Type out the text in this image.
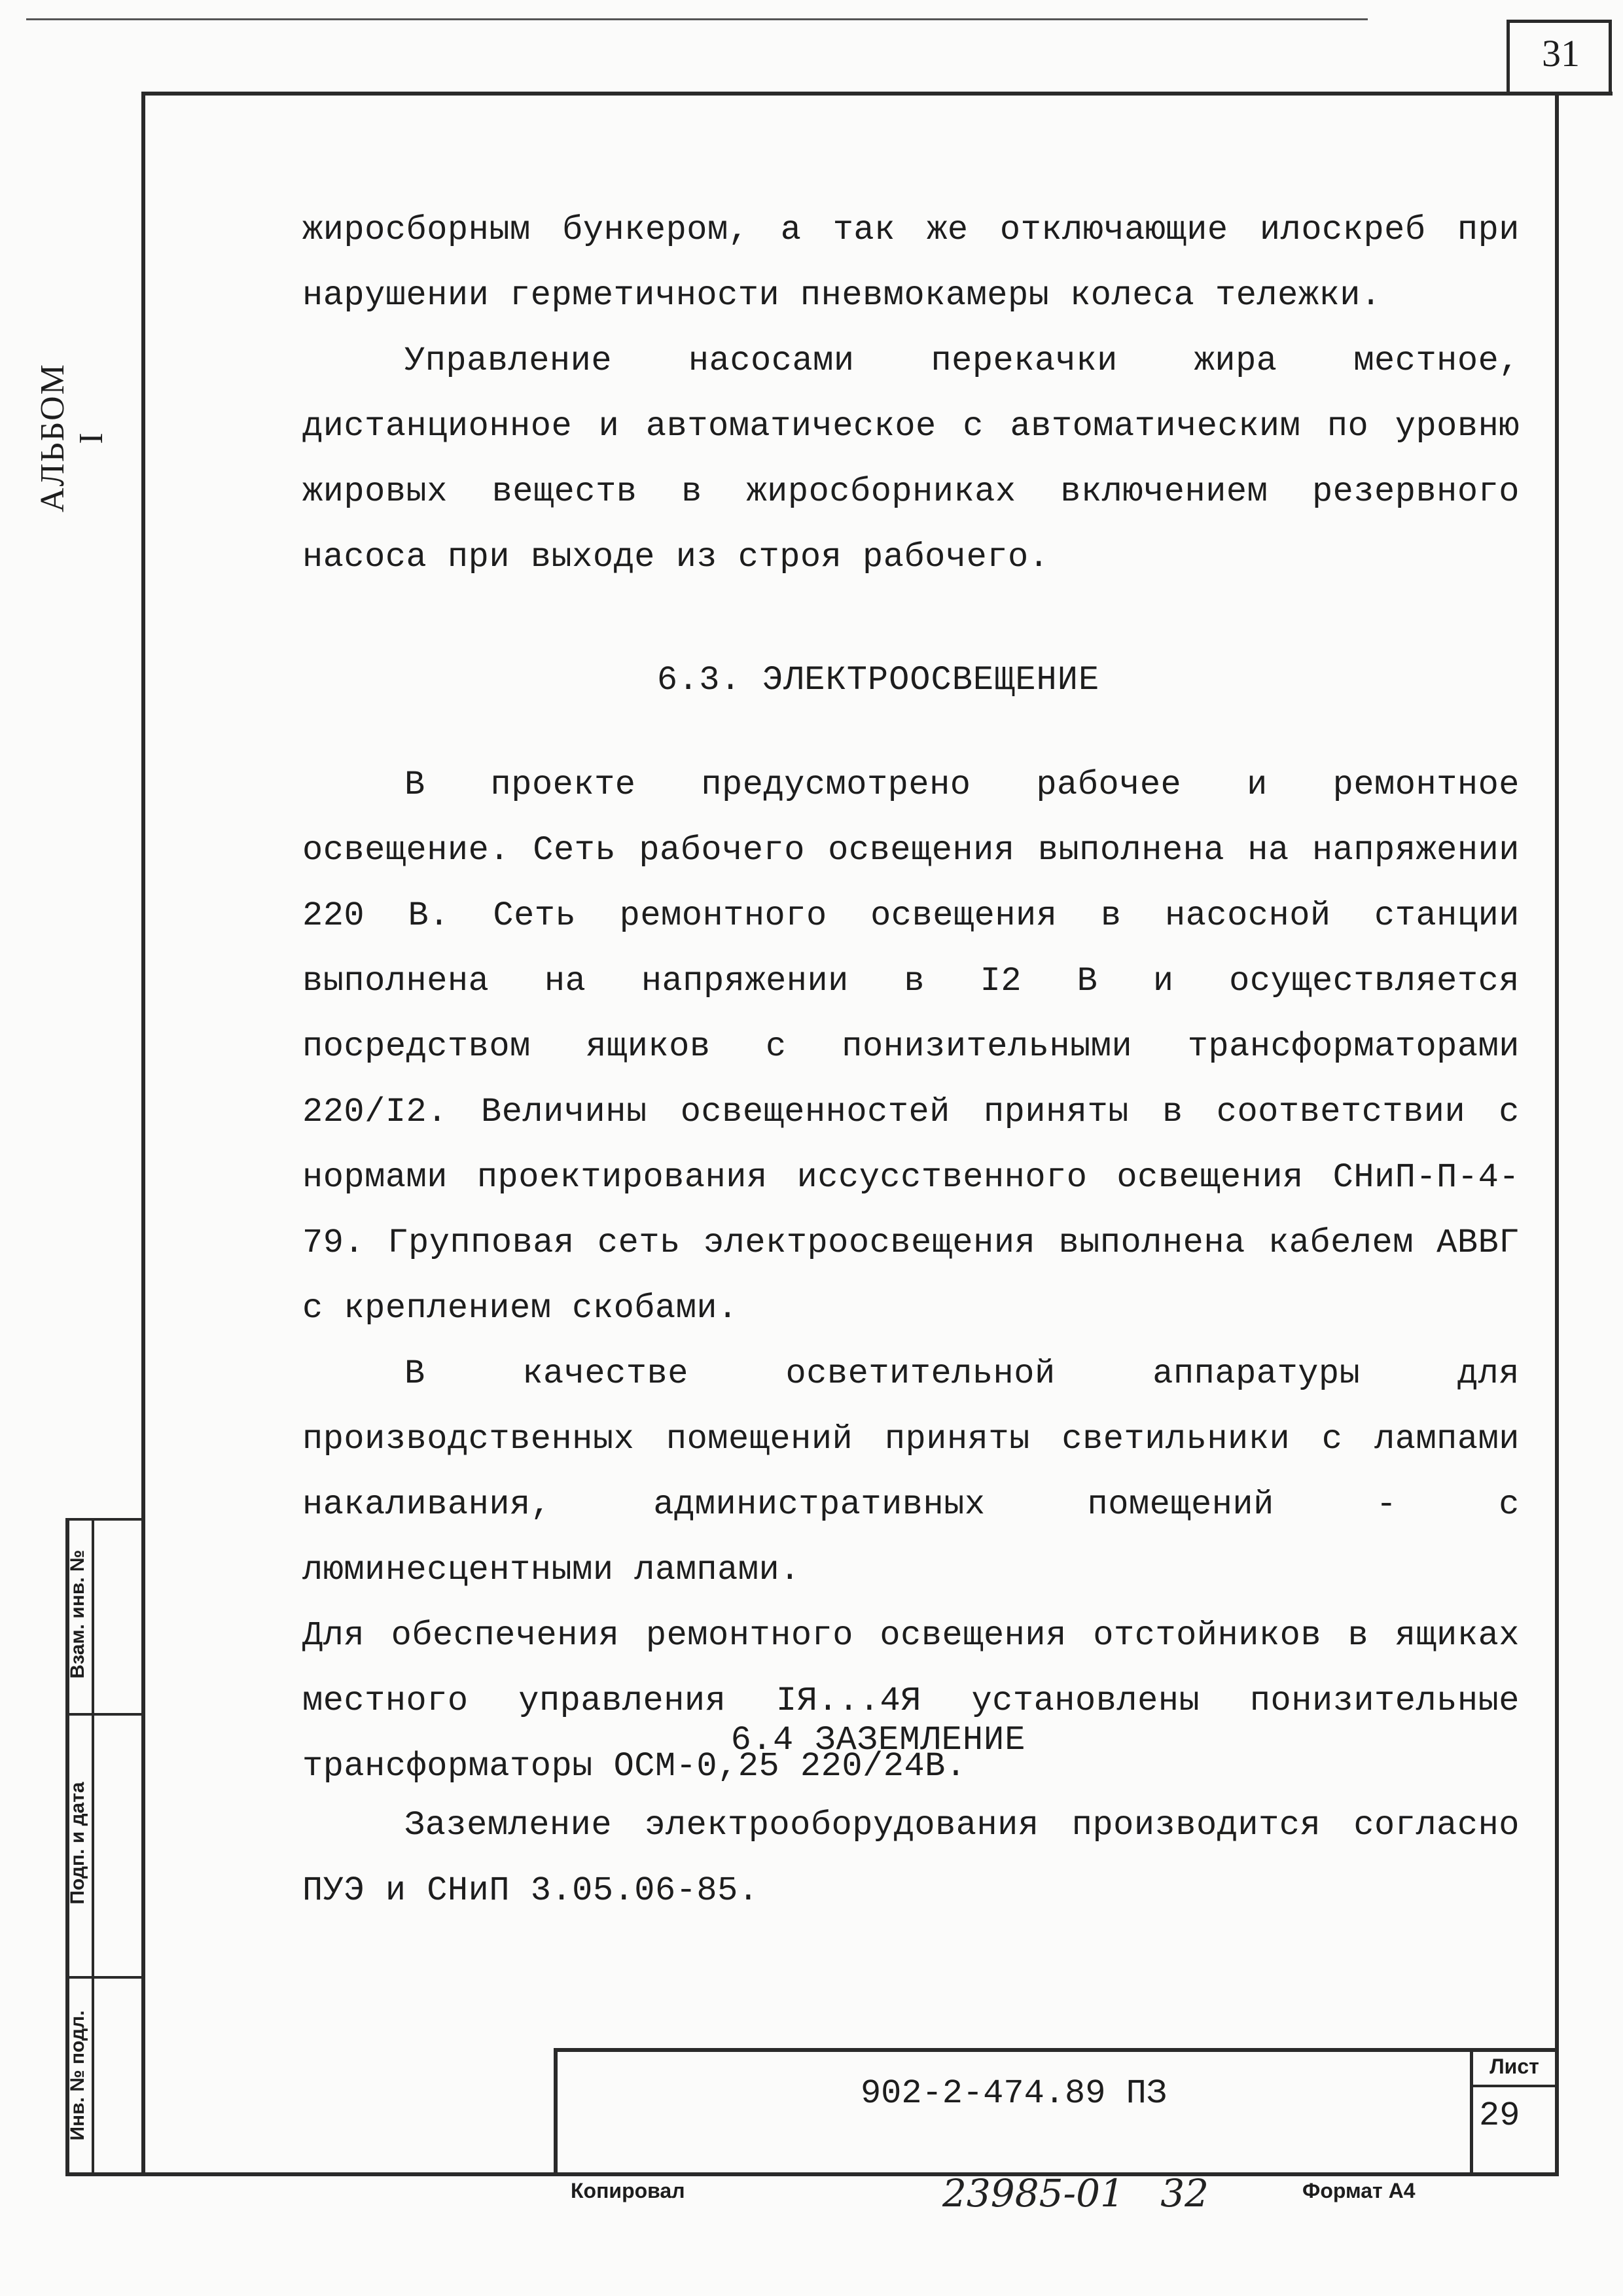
31
АЛЬБОМ I
Инв. № подл.
Подп. и дата
Взам. инв. №

жиросборным бункером, а так же отключающие илоскреб при нарушении герметичности пневмокамеры колеса тележки.

Управление насосами перекачки жира местное, дистанционное и автоматическое с автоматическим по уровню жировых веществ в жиросборниках включением резервного насоса при выходе из строя рабочего.

6.3. ЭЛЕКТРООСВЕЩЕНИЕ

В проекте предусмотрено рабочее и ремонтное освещение. Сеть рабочего освещения выполнена на напряжении 220 В. Сеть ремонтного освещения в насосной станции выполнена на напряжении в I2 В и осуществляется посредством ящиков с понизительными трансформаторами 220/I2. Величины освещенностей приняты в соответствии с нормами проектирования иссусственного освещения СНиП-П-4-79. Групповая сеть электроосвещения выполнена кабелем АВВГ с креплением скобами.

В качестве осветительной аппаратуры для производственных помещений приняты светильники с лампами накаливания, административных помещений - с люминесцентными лампами.

Для обеспечения ремонтного освещения отстойников в ящиках местного управления IЯ...4Я установлены понизительные трансформаторы ОСМ-0,25 220/24В.

6.4 ЗАЗЕМЛЕНИЕ

Заземление электрооборудования производится согласно ПУЭ и СНиП 3.05.06-85.

902-2-474.89 ПЗ
Лист
29
Копировал	23985-01   32	Формат А4
